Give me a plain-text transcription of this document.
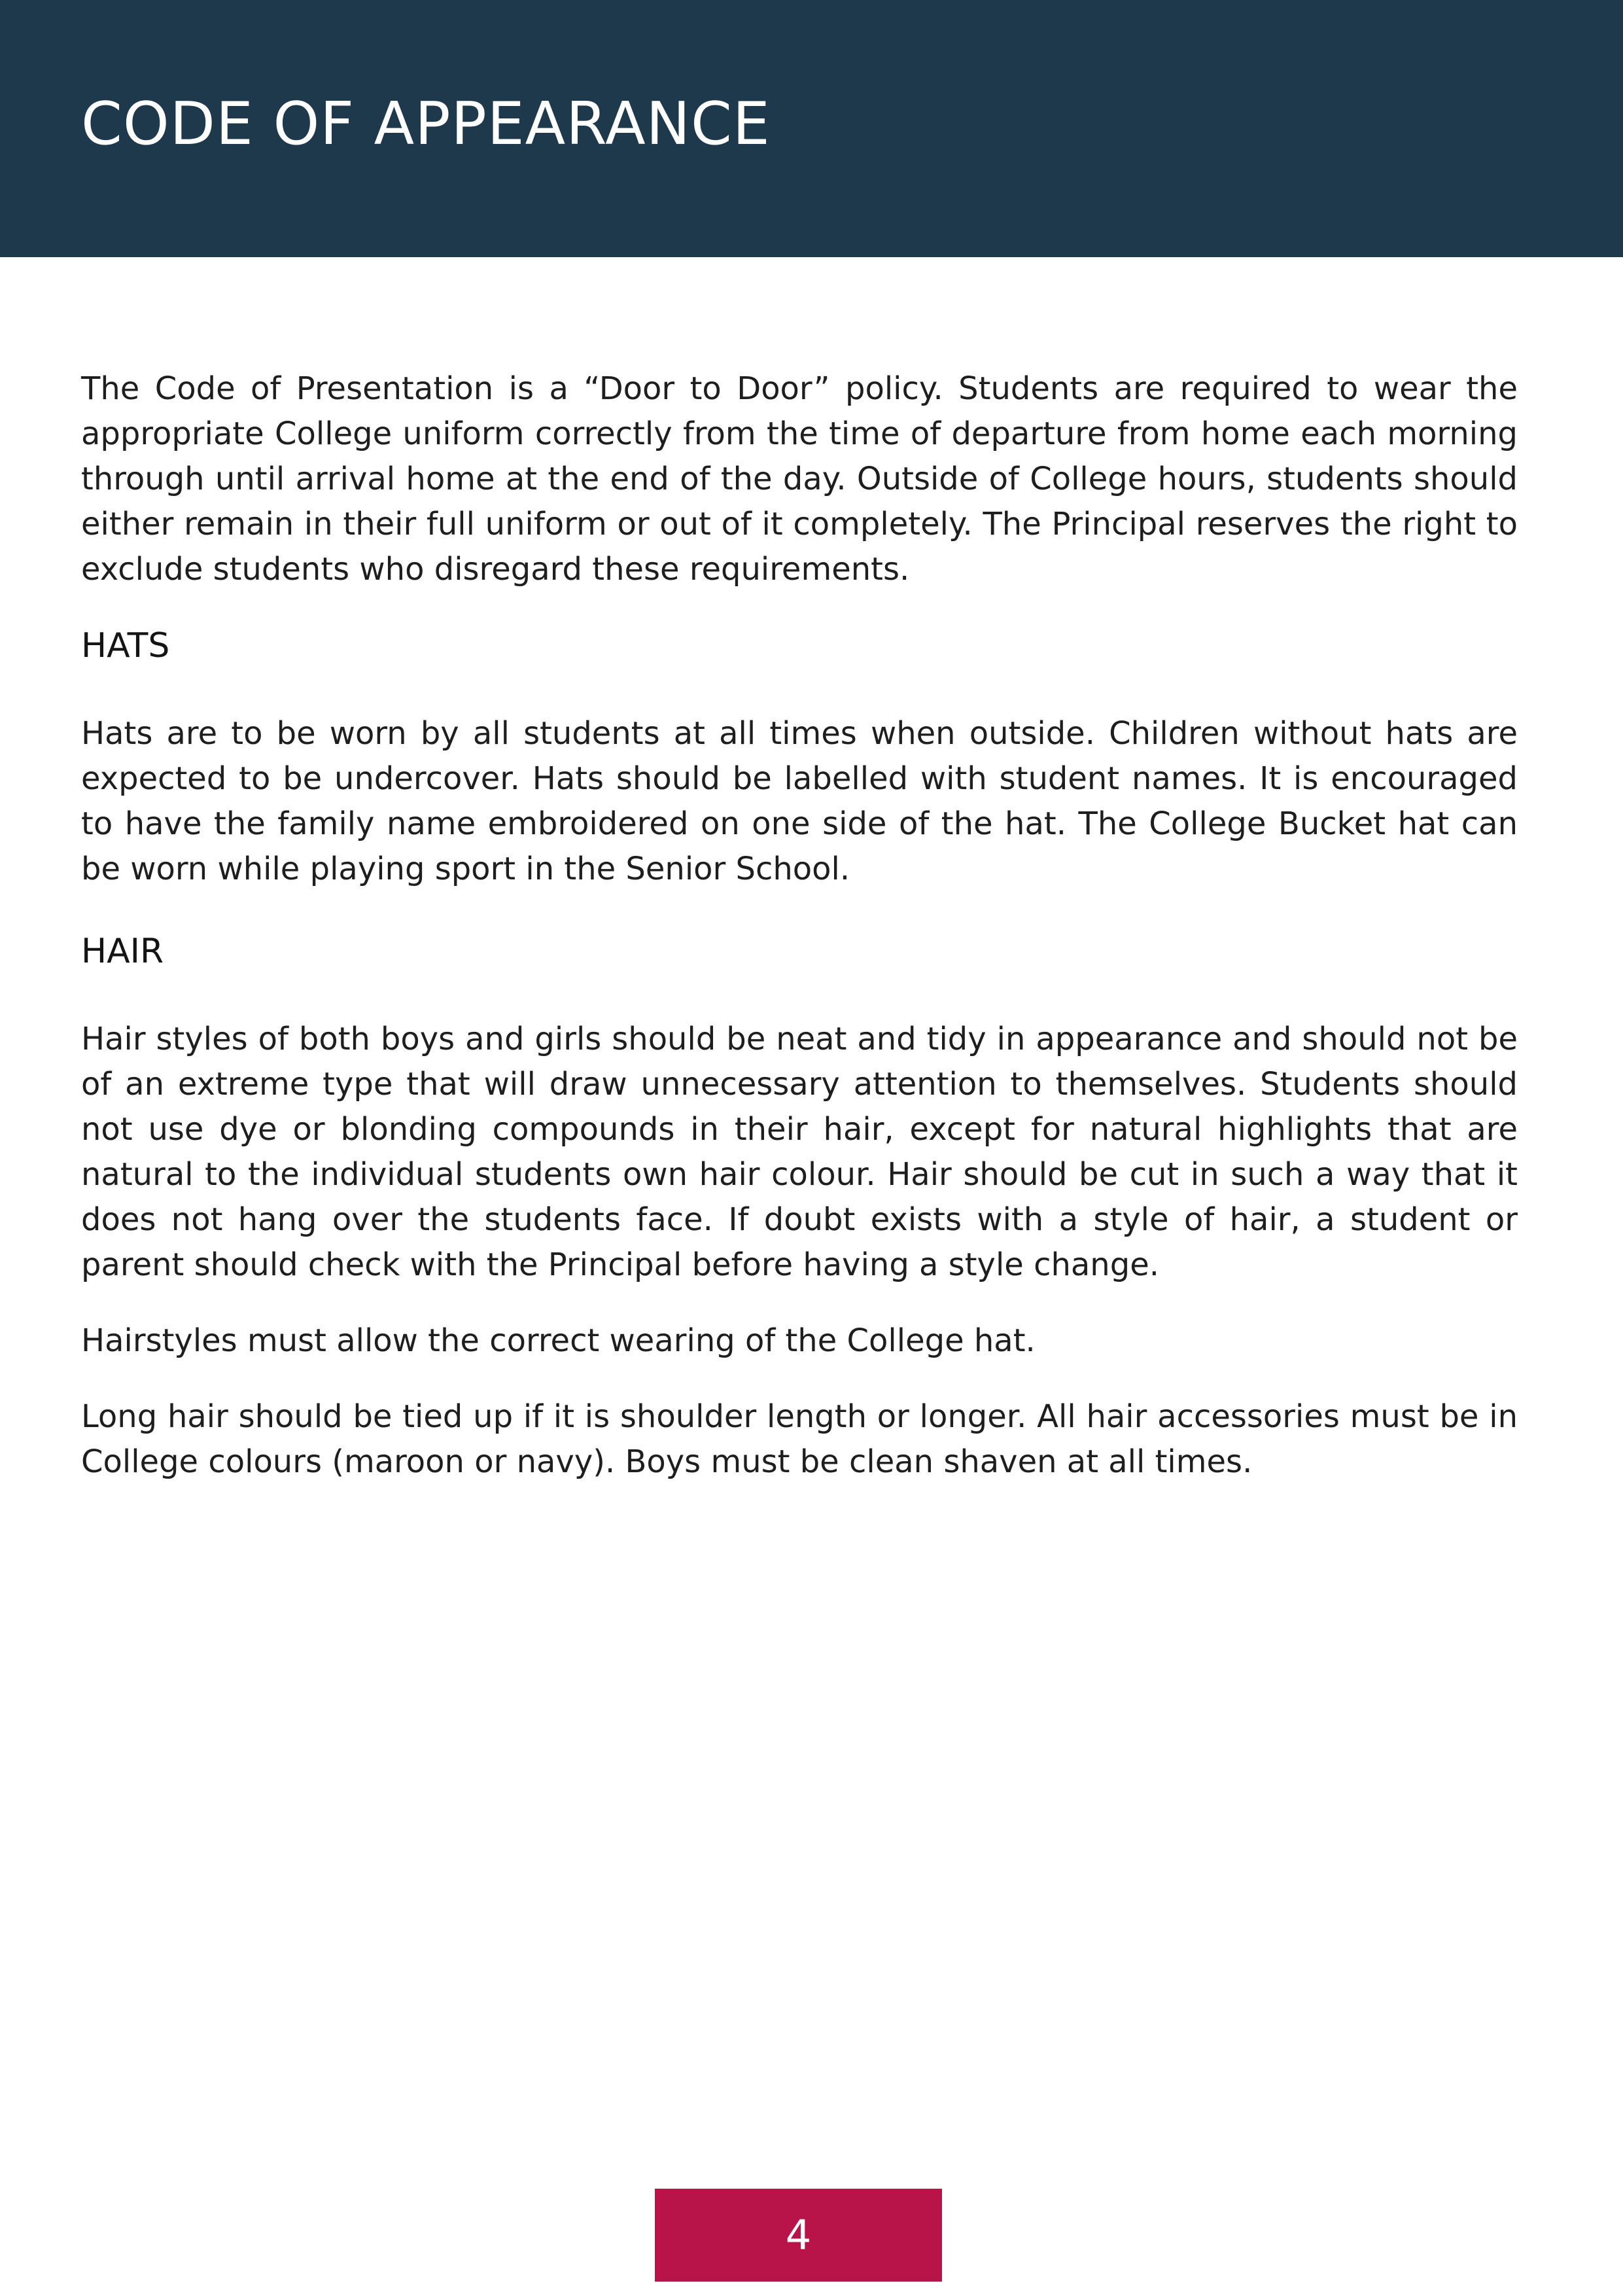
CODE OF APPEARANCE

The Code of Presentation is a “Door to Door” policy. Students are required to wear the appropriate College uniform correctly from the time of departure from home each morning through until arrival home at the end of the day. Outside of College hours, students should either remain in their full uniform or out of it completely. The Principal reserves the right to exclude students who disregard these requirements.

HATS

Hats are to be worn by all students at all times when outside. Children without hats are expected to be undercover. Hats should be labelled with student names. It is encouraged to have the family name embroidered on one side of the hat. The College Bucket hat can be worn while playing sport in the Senior School.

HAIR

Hair styles of both boys and girls should be neat and tidy in appearance and should not be of an extreme type that will draw unnecessary attention to themselves. Students should not use dye or blonding compounds in their hair, except for natural highlights that are natural to the individual students own hair colour. Hair should be cut in such a way that it does not hang over the students face. If doubt exists with a style of hair, a student or parent should check with the Principal before having a style change.

Hairstyles must allow the correct wearing of the College hat.

Long hair should be tied up if it is shoulder length or longer. All hair accessories must be in College colours (maroon or navy). Boys must be clean shaven at all times.

4
